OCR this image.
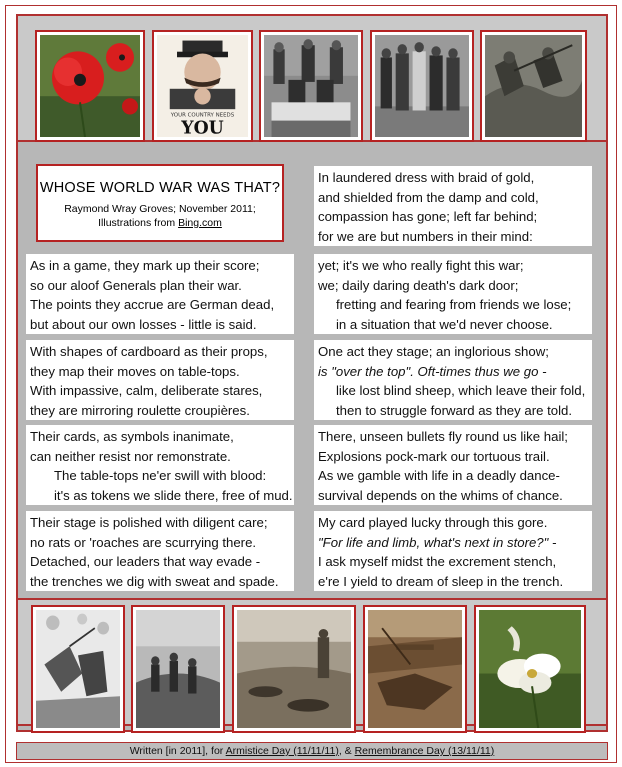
YOUR COUNTRY NEEDS
YOU
WHOSE WORLD WAR WAS THAT?
Raymond Wray Groves; November 2011;
Illustrations from Bing.com
As in a game, they mark up their score;
so our aloof Generals plan their war.
The points they accrue are German dead,
but about our own losses - little is said.
With shapes of cardboard as their props,
they map their moves on table-tops.
With impassive, calm, deliberate stares,
they are mirroring roulette croupières.
Their cards, as symbols inanimate,
can neither resist nor remonstrate.
The table-tops ne'er swill with blood:
it's as tokens we slide there, free of mud.
Their stage is polished with diligent care;
no rats or 'roaches are scurrying there.
Detached, our leaders that way evade -
the trenches we dig with sweat and spade.
In laundered dress with braid of gold,
and shielded from the damp and cold,
compassion has gone; left far behind;
for we are but numbers in their mind:
yet; it's we who really fight this war;
we; daily daring death's dark door;
fretting and fearing from friends we lose;
in a situation that we'd never choose.
One act they stage; an inglorious show;
is "over the top". Oft-times thus we go -
like lost blind sheep, which leave their fold,
then to struggle forward as they are told.
There, unseen bullets fly round us like hail;
Explosions pock-mark our tortuous trail.
As we gamble with life in a deadly dance-
survival depends on the whims of chance.
My card played lucky through this gore.
"For life and limb, what's next in store?" -
I ask myself midst the excrement stench,
e're I yield to dream of sleep in the trench.
Written [in 2011], for Armistice Day (11/11/11), & Remembrance Day (13/11/11)
